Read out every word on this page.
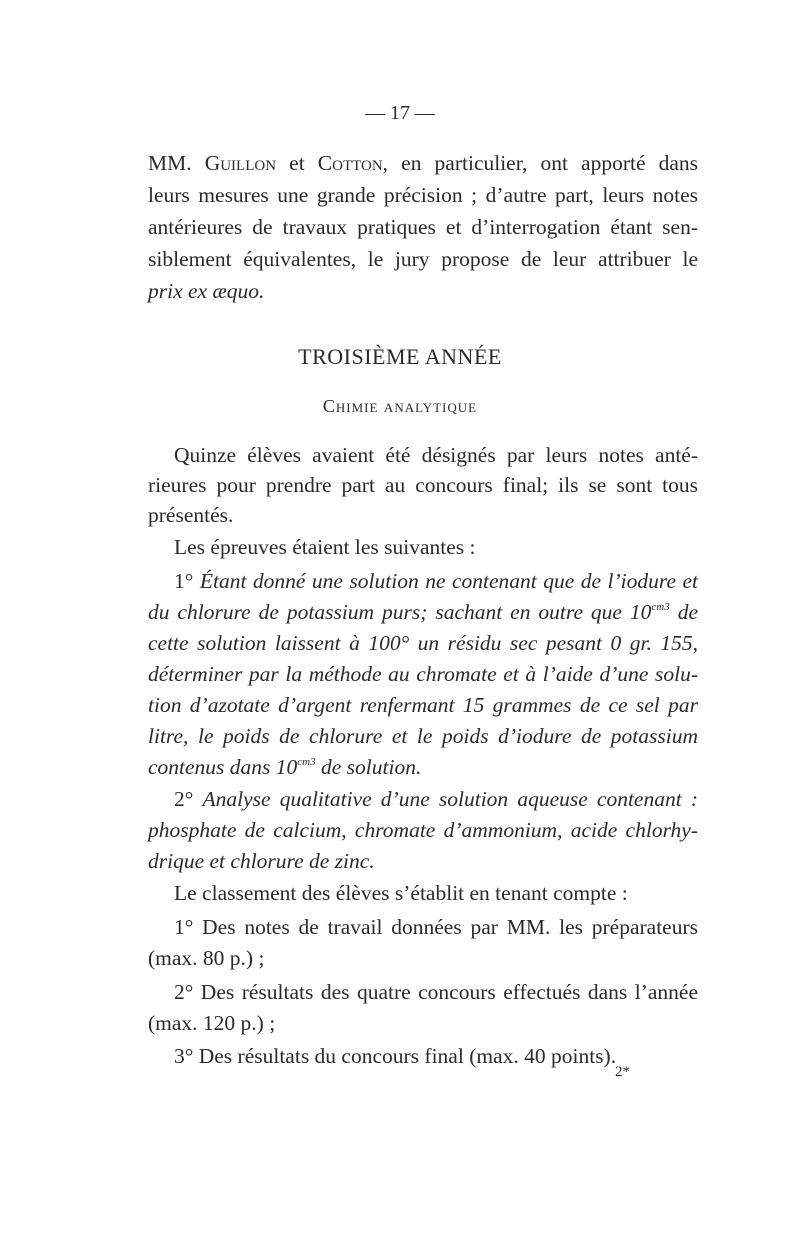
— 17 —
MM. Guillon et Cotton, en particulier, ont apporté dans
leurs mesures une grande précision ; d’autre part, leurs notes
antérieures de travaux pratiques et d’interrogation étant sen-
siblement équivalentes, le jury propose de leur attribuer le
prix ex æquo.
TROISIÈME ANNÉE
Chimie analytique
Quinze élèves avaient été désignés par leurs notes anté-
rieures pour prendre part au concours final; ils se sont tous
présentés.
Les épreuves étaient les suivantes :
1° Étant donné une solution ne contenant que de l’iodure et
du chlorure de potassium purs; sachant en outre que $10^{cm3}$ de
cette solution laissent à 100° un résidu sec pesant 0 gr. 155,
déterminer par la méthode au chromate et à l’aide d’une solu-
tion d’azotate d’argent renfermant 15 grammes de ce sel par
litre, le poids de chlorure et le poids d’iodure de potassium
contenus dans $10^{cm3}$ de solution.
2° Analyse qualitative d’une solution aqueuse contenant :
phosphate de calcium, chromate d’ammonium, acide chlorhy-
drique et chlorure de zinc.
Le classement des élèves s’établit en tenant compte :
1° Des notes de travail données par MM. les préparateurs
(max. 80 p.) ;
2° Des résultats des quatre concours effectués dans l’année
(max. 120 p.) ;
3° Des résultats du concours final (max. 40 points).
2*
